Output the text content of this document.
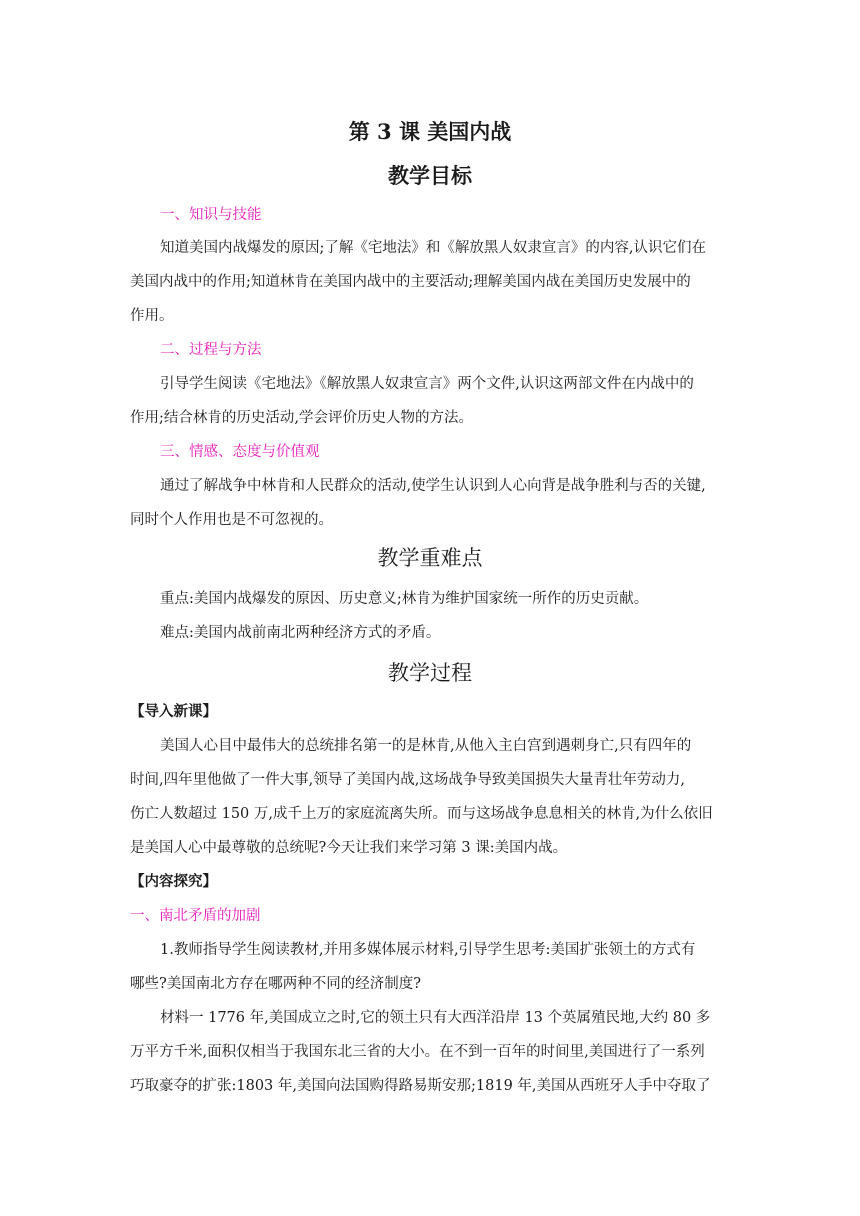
第 3 课 美国内战
教学目标
一、知识与技能
知道美国内战爆发的原因;了解《宅地法》和《解放黑人奴隶宣言》的内容,认识它们在
美国内战中的作用;知道林肯在美国内战中的主要活动;理解美国内战在美国历史发展中的
作用。
二、过程与方法
引导学生阅读《宅地法》《解放黑人奴隶宣言》两个文件,认识这两部文件在内战中的
作用;结合林肯的历史活动,学会评价历史人物的方法。
三、情感、态度与价值观
通过了解战争中林肯和人民群众的活动,使学生认识到人心向背是战争胜利与否的关键,
同时个人作用也是不可忽视的。
教学重难点
重点:美国内战爆发的原因、历史意义;林肯为维护国家统一所作的历史贡献。
难点:美国内战前南北两种经济方式的矛盾。
教学过程
【导入新课】
美国人心目中最伟大的总统排名第一的是林肯,从他入主白宫到遇刺身亡,只有四年的
时间,四年里他做了一件大事,领导了美国内战,这场战争导致美国损失大量青壮年劳动力,
伤亡人数超过 150 万,成千上万的家庭流离失所。而与这场战争息息相关的林肯,为什么依旧
是美国人心中最尊敬的总统呢?今天让我们来学习第 3 课:美国内战。
【内容探究】
一、南北矛盾的加剧
1.教师指导学生阅读教材,并用多媒体展示材料,引导学生思考:美国扩张领土的方式有
哪些?美国南北方存在哪两种不同的经济制度?
材料一 1776 年,美国成立之时,它的领土只有大西洋沿岸 13 个英属殖民地,大约 80 多
万平方千米,面积仅相当于我国东北三省的大小。在不到一百年的时间里,美国进行了一系列
巧取豪夺的扩张:1803 年,美国向法国购得路易斯安那;1819 年,美国从西班牙人手中夺取了
